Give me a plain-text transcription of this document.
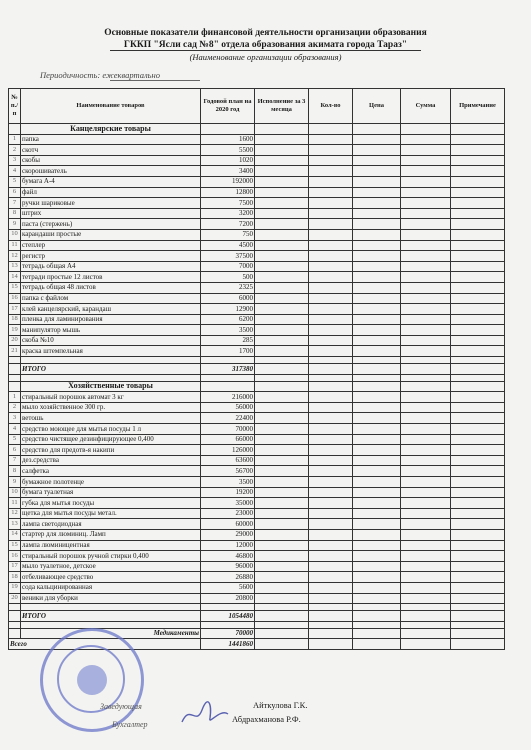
Основные показатели финансовой деятельности организации образования
ГККП "Ясли сад №8" отдела образования акимата города Тараз"
(Наименование организации образования)
Периодичность: ежеквартально
№ п./п	Наименование товаров	Годовой план на 2020 год	Исполнение за 3 месяца	Кол-во	Цена	Сумма	Примечание
	Канцелярские товары						
1	папка	1600					
2	скотч	5500					
3	скобы	1020					
4	скорошиватель	3400					
5	бумага А-4	192000					
6	файл	12800					
7	ручки шариковые	7500					
8	штрих	3200					
9	паста (стержень)	7200					
10	карандаши простые	750					
11	степлер	4500					
12	регистр	37500					
13	тетрадь общая А4	7000					
14	тетради простые 12 листов	500					
15	тетрадь общая 48 листов	2325					
16	папка с файлом	6000					
17	клей канцелярский, карандаш	12900					
18	пленка для ламинирования	6200					
19	манипулятор мышь	3500					
20	скоба №10	285					
21	краска штемпельная	1700					

	ИТОГО	317380					

	Хозяйственные товары						
1	стиральный порошок автомат 3 кг	216000					
2	мыло хозяйственное 300 гр.	56000					
3	ветошь	22400					
4	средство моющее для мытья посуды 1 л	70000					
5	средство чистящее дезинфицирующее 0,400	66000					
6	средство для предотв-я накипи	126000					
7	дез.средства	63600					
8	салфетка	56700					
9	бумажное полотенце	3500					
10	бумага туалетная	19200					
11	губка для мытья посуды	35000					
12	щетка для мытья посуды метал.	23000					
13	лампа светодиодная	60000					
14	стартер для люминиц. Ламп	29000					
15	лампа люминицентная	12000					
16	стиральный порошок ручной стирки 0,400	46800					
17	мыло туалетное, детское	96000					
18	отбеливающее средство	26880					
19	сода кальцинированная	5600					
20	веники для уборки	20800					

	ИТОГО	1054480					

	Медикаменты	70000					
Всего		1441860					
Заведующая	Айткулова Г.К.
Бухгалтер
Абдрахманова Р.Ф.
